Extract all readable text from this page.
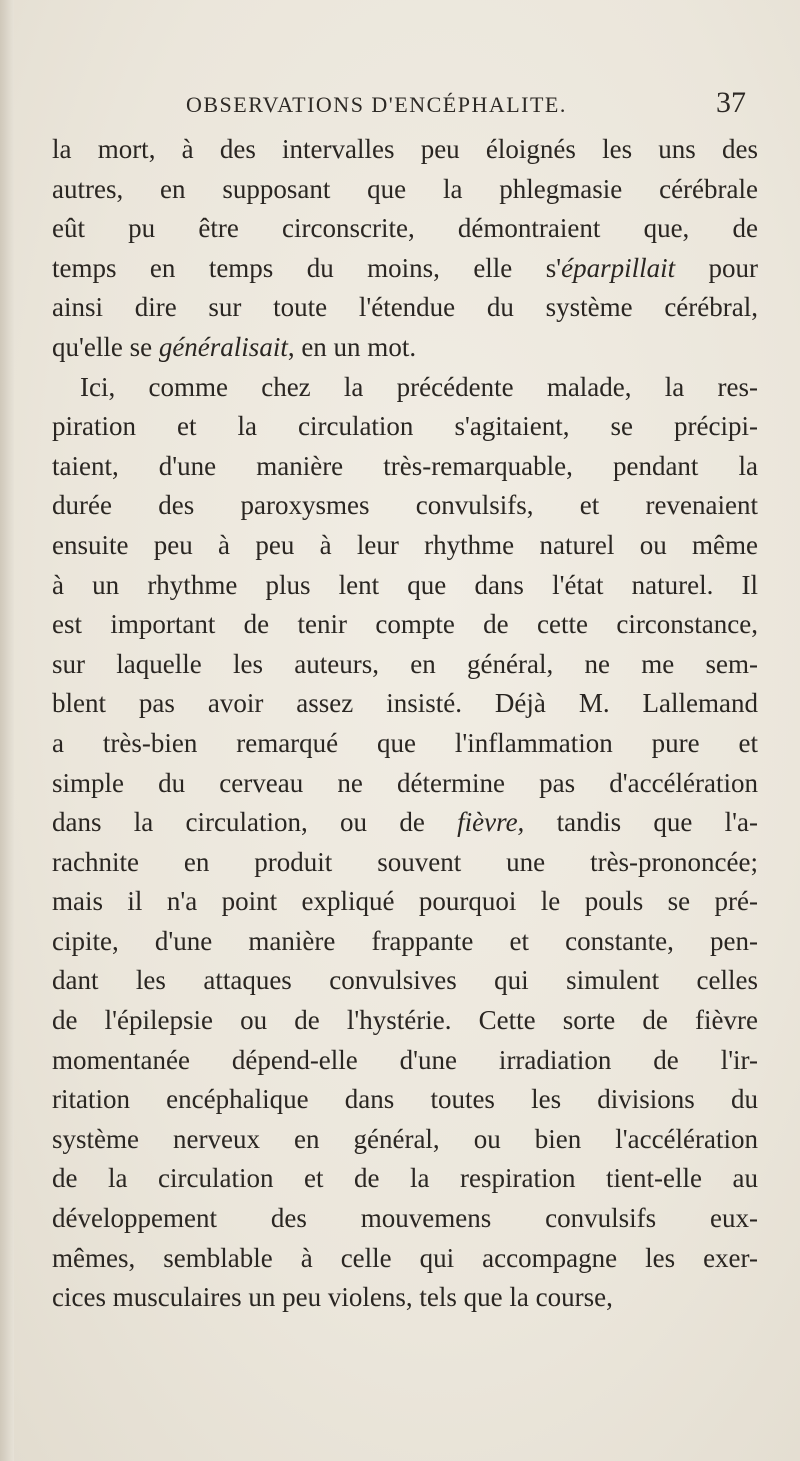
OBSERVATIONS D'ENCÉPHALITE.	37
la mort, à des intervalles peu éloignés les uns des
autres, en supposant que la phlegmasie cérébrale
eût pu être circonscrite, démontraient que, de
temps en temps du moins, elle s'éparpillait pour
ainsi dire sur toute l'étendue du système cérébral,
qu'elle se généralisait, en un mot.
Ici, comme chez la précédente malade, la res-
piration et la circulation s'agitaient, se précipi-
taient, d'une manière très-remarquable, pendant la
durée des paroxysmes convulsifs, et revenaient
ensuite peu à peu à leur rhythme naturel ou même
à un rhythme plus lent que dans l'état naturel. Il
est important de tenir compte de cette circonstance,
sur laquelle les auteurs, en général, ne me sem-
blent pas avoir assez insisté. Déjà M. Lallemand
a très-bien remarqué que l'inflammation pure et
simple du cerveau ne détermine pas d'accélération
dans la circulation, ou de fièvre, tandis que l'a-
rachnite en produit souvent une très-prononcée;
mais il n'a point expliqué pourquoi le pouls se pré-
cipite, d'une manière frappante et constante, pen-
dant les attaques convulsives qui simulent celles
de l'épilepsie ou de l'hystérie. Cette sorte de fièvre
momentanée dépend-elle d'une irradiation de l'ir-
ritation encéphalique dans toutes les divisions du
système nerveux en général, ou bien l'accélération
de la circulation et de la respiration tient-elle au
développement des mouvemens convulsifs eux-
mêmes, semblable à celle qui accompagne les exer-
cices musculaires un peu violens, tels que la course,
